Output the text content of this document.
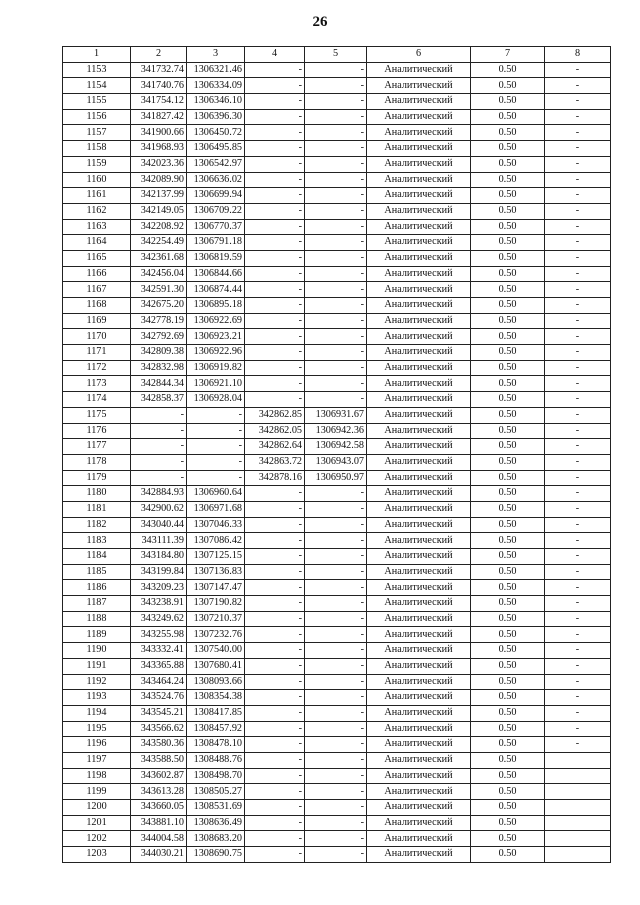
26
1	2	3	4	5	6	7	8
1153	341732.74	1306321.46	-	-	Аналитический	0.50	-
1154	341740.76	1306334.09	-	-	Аналитический	0.50	-
1155	341754.12	1306346.10	-	-	Аналитический	0.50	-
1156	341827.42	1306396.30	-	-	Аналитический	0.50	-
1157	341900.66	1306450.72	-	-	Аналитический	0.50	-
1158	341968.93	1306495.85	-	-	Аналитический	0.50	-
1159	342023.36	1306542.97	-	-	Аналитический	0.50	-
1160	342089.90	1306636.02	-	-	Аналитический	0.50	-
1161	342137.99	1306699.94	-	-	Аналитический	0.50	-
1162	342149.05	1306709.22	-	-	Аналитический	0.50	-
1163	342208.92	1306770.37	-	-	Аналитический	0.50	-
1164	342254.49	1306791.18	-	-	Аналитический	0.50	-
1165	342361.68	1306819.59	-	-	Аналитический	0.50	-
1166	342456.04	1306844.66	-	-	Аналитический	0.50	-
1167	342591.30	1306874.44	-	-	Аналитический	0.50	-
1168	342675.20	1306895.18	-	-	Аналитический	0.50	-
1169	342778.19	1306922.69	-	-	Аналитический	0.50	-
1170	342792.69	1306923.21	-	-	Аналитический	0.50	-
1171	342809.38	1306922.96	-	-	Аналитический	0.50	-
1172	342832.98	1306919.82	-	-	Аналитический	0.50	-
1173	342844.34	1306921.10	-	-	Аналитический	0.50	-
1174	342858.37	1306928.04	-	-	Аналитический	0.50	-
1175	-	-	342862.85	1306931.67	Аналитический	0.50	-
1176	-	-	342862.05	1306942.36	Аналитический	0.50	-
1177	-	-	342862.64	1306942.58	Аналитический	0.50	-
1178	-	-	342863.72	1306943.07	Аналитический	0.50	-
1179	-	-	342878.16	1306950.97	Аналитический	0.50	-
1180	342884.93	1306960.64	-	-	Аналитический	0.50	-
1181	342900.62	1306971.68	-	-	Аналитический	0.50	-
1182	343040.44	1307046.33	-	-	Аналитический	0.50	-
1183	343111.39	1307086.42	-	-	Аналитический	0.50	-
1184	343184.80	1307125.15	-	-	Аналитический	0.50	-
1185	343199.84	1307136.83	-	-	Аналитический	0.50	-
1186	343209.23	1307147.47	-	-	Аналитический	0.50	-
1187	343238.91	1307190.82	-	-	Аналитический	0.50	-
1188	343249.62	1307210.37	-	-	Аналитический	0.50	-
1189	343255.98	1307232.76	-	-	Аналитический	0.50	-
1190	343332.41	1307540.00	-	-	Аналитический	0.50	-
1191	343365.88	1307680.41	-	-	Аналитический	0.50	-
1192	343464.24	1308093.66	-	-	Аналитический	0.50	-
1193	343524.76	1308354.38	-	-	Аналитический	0.50	-
1194	343545.21	1308417.85	-	-	Аналитический	0.50	-
1195	343566.62	1308457.92	-	-	Аналитический	0.50	-
1196	343580.36	1308478.10	-	-	Аналитический	0.50	-
1197	343588.50	1308488.76	-	-	Аналитический	0.50	
1198	343602.87	1308498.70	-	-	Аналитический	0.50	
1199	343613.28	1308505.27	-	-	Аналитический	0.50	
1200	343660.05	1308531.69	-	-	Аналитический	0.50	
1201	343881.10	1308636.49	-	-	Аналитический	0.50	
1202	344004.58	1308683.20	-	-	Аналитический	0.50	
1203	344030.21	1308690.75	-	-	Аналитический	0.50	
